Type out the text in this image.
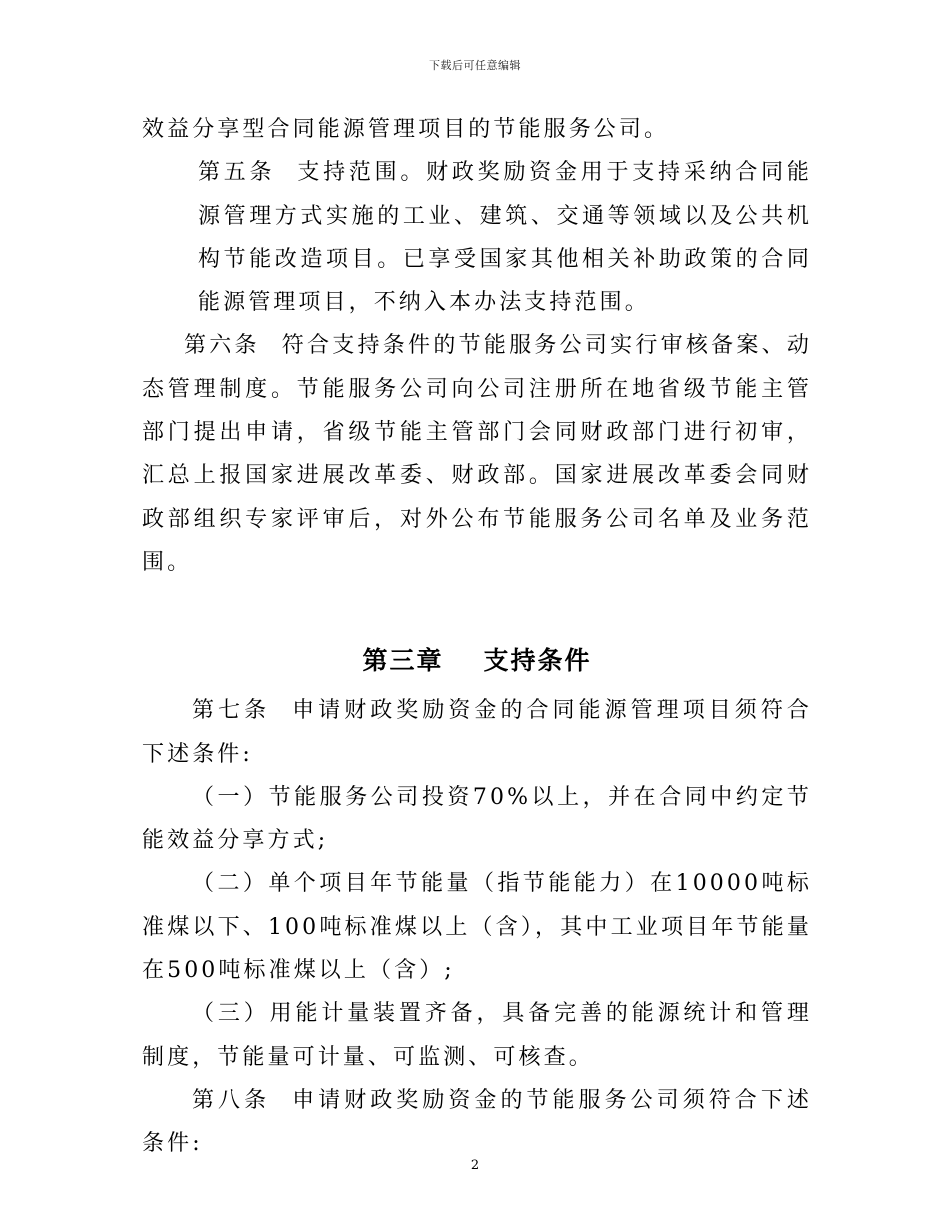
下载后可任意编辑

效益分享型合同能源管理项目的节能服务公司。

第五条 支持范围。财政奖励资金用于支持采纳合同能源管理方式实施的工业、建筑、交通等领域以及公共机构节能改造项目。已享受国家其他相关补助政策的合同能源管理项目，不纳入本办法支持范围。

第六条 符合支持条件的节能服务公司实行审核备案、动态管理制度。节能服务公司向公司注册所在地省级节能主管部门提出申请，省级节能主管部门会同财政部门进行初审，汇总上报国家进展改革委、财政部。国家进展改革委会同财政部组织专家评审后，对外公布节能服务公司名单及业务范围。

第三章 支持条件

第七条 申请财政奖励资金的合同能源管理项目须符合下述条件:

（一）节能服务公司投资70%以上，并在合同中约定节能效益分享方式;

（二）单个项目年节能量（指节能能力）在10000吨标准煤以下、100吨标准煤以上（含），其中工业项目年节能量在500吨标准煤以上（含）;

（三）用能计量装置齐备，具备完善的能源统计和管理制度，节能量可计量、可监测、可核查。

第八条 申请财政奖励资金的节能服务公司须符合下述条件:

2
